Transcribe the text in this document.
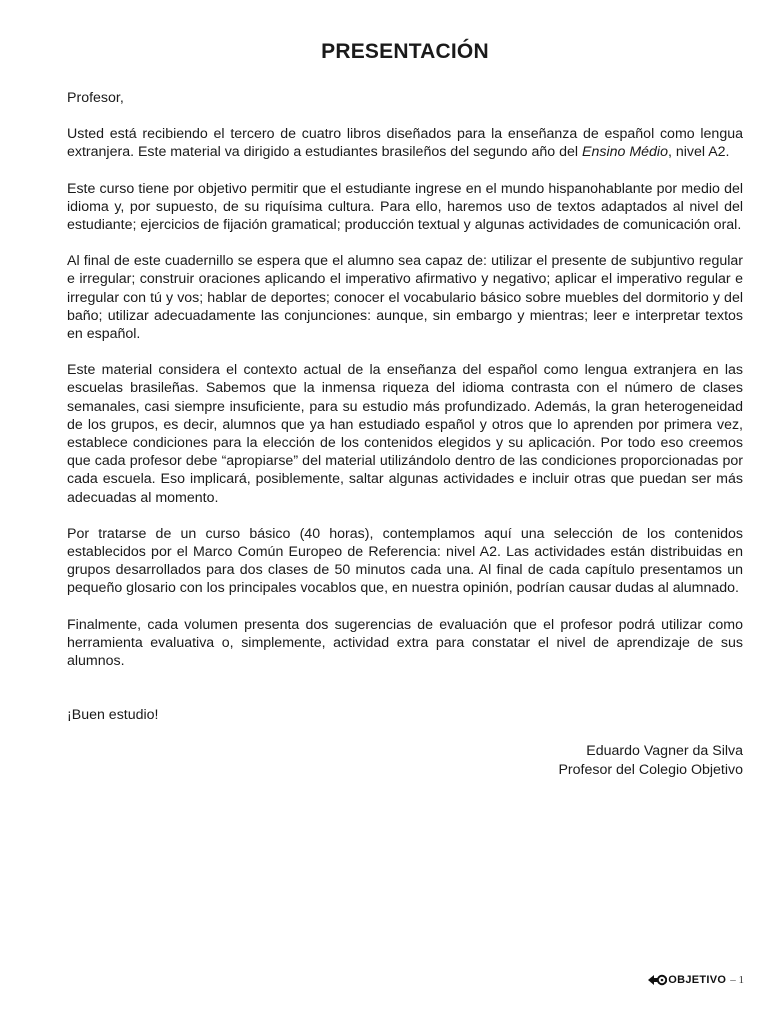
PRESENTACIÓN

Profesor,

Usted está recibiendo el tercero de cuatro libros diseñados para la enseñanza de español como lengua extranjera. Este material va dirigido a estudiantes brasileños del segundo año del Ensino Médio, nivel A2.

Este curso tiene por objetivo permitir que el estudiante ingrese en el mundo hispanohablante por medio del idioma y, por supuesto, de su riquísima cultura. Para ello, haremos uso de textos adaptados al nivel del estudiante; ejercicios de fijación gramatical; producción textual y algunas actividades de comunicación oral.

Al final de este cuadernillo se espera que el alumno sea capaz de: utilizar el presente de subjuntivo regular e irregular; construir oraciones aplicando el imperativo afirmativo y negativo; aplicar el imperativo regular e irregular con tú y vos; hablar de deportes; conocer el vocabulario básico sobre muebles del dormitorio y del baño; utilizar adecuadamente las conjunciones: aunque, sin embargo y mientras; leer e interpretar textos en español.

Este material considera el contexto actual de la enseñanza del español como lengua extranjera en las escuelas brasileñas. Sabemos que la inmensa riqueza del idioma contrasta con el número de clases semanales, casi siempre insuficiente, para su estudio más profundizado. Además, la gran heterogeneidad de los grupos, es decir, alumnos que ya han estudiado español y otros que lo aprenden por primera vez, establece condiciones para la elección de los contenidos elegidos y su aplicación. Por todo eso creemos que cada profesor debe “apropiarse” del material utilizándolo dentro de las condiciones proporcionadas por cada escuela. Eso implicará, posiblemente, saltar algunas actividades e incluir otras que puedan ser más adecuadas al momento.

Por tratarse de un curso básico (40 horas), contemplamos aquí una selección de los contenidos establecidos por el Marco Común Europeo de Referencia: nivel A2. Las actividades están distribuidas en grupos desarrollados para dos clases de 50 minutos cada una. Al final de cada capítulo presentamos un pequeño glosario con los principales vocablos que, en nuestra opinión, podrían causar dudas al alumnado.

Finalmente, cada volumen presenta dos sugerencias de evaluación que el profesor podrá utilizar como herramienta evaluativa o, simplemente, actividad extra para constatar el nivel de aprendizaje de sus alumnos.

¡Buen estudio!

Eduardo Vagner da Silva
Profesor del Colegio Objetivo
OBJETIVO – 1
